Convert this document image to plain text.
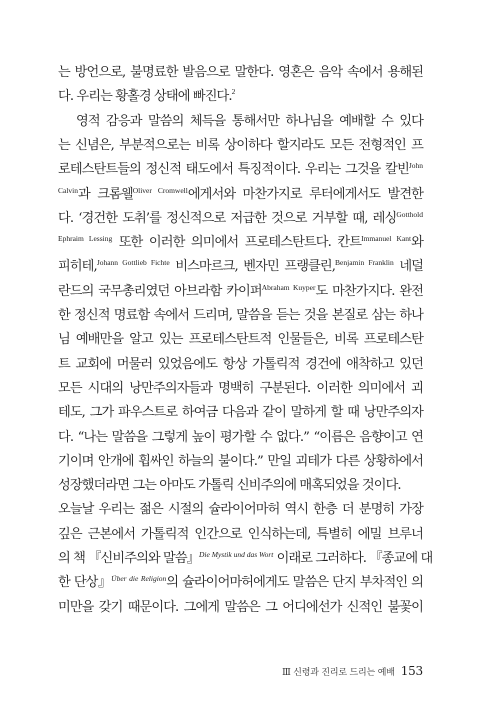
는 방언으로, 불명료한 발음으로 말한다. 영혼은 음악 속에서 용해된
다. 우리는 황홀경 상태에 빠진다.$^2$
영적 감응과 말씀의 체득을 통해서만 하나님을 예배할 수 있다
는 신념은, 부분적으로는 비록 상이하다 할지라도 모든 전형적인 프
로테스탄트들의 정신적 태도에서 특징적이다. 우리는 그것을 칼빈$^{John}$
$^{Calvin}$과 크롬웰$^{Oliver Cromwell}$에게서와 마찬가지로 루터에게서도 발견한
다. ‘경건한 도취’를 정신적으로 저급한 것으로 거부할 때, 레싱$^{Gotthold}$
$^{Ephraim Lessing}$ 또한 이러한 의미에서 프로테스탄트다. 칸트$^{Immanuel Kant}$와
피히테,$^{Johann Gottlieb Fichte}$ 비스마르크, 벤자민 프랭클린,$^{Benjamin Franklin}$ 네덜
란드의 국무총리였던 아브라함 카이퍼$^{Abraham Kuyper}$도 마찬가지다. 완전
한 정신적 명료함 속에서 드리며, 말씀을 듣는 것을 본질로 삼는 하나
님 예배만을 알고 있는 프로테스탄트적 인물들은, 비록 프로테스탄
트 교회에 머물러 있었음에도 항상 가톨릭적 경건에 애착하고 있던
모든 시대의 낭만주의자들과 명백히 구분된다. 이러한 의미에서 괴
테도, 그가 파우스트로 하여금 다음과 같이 말하게 할 때 낭만주의자
다. “나는 말씀을 그렇게 높이 평가할 수 없다.” “이름은 음향이고 연
기이며 안개에 휩싸인 하늘의 불이다.” 만일 괴테가 다른 상황하에서
성장했더라면 그는 아마도 가톨릭 신비주의에 매혹되었을 것이다.
오늘날 우리는 젊은 시절의 슐라이어마허 역시 한층 더 분명히 가장
깊은 근본에서 가톨릭적 인간으로 인식하는데, 특별히 에밀 브루너
의 책 『신비주의와 말씀』$^{Die Mystik und das Wort}$ 이래로 그러하다. 『종교에 대
한 단상』$^{Über die Religion}$의 슐라이어마허에게도 말씀은 단지 부차적인 의
미만을 갖기 때문이다. 그에게 말씀은 그 어디에선가 신적인 불꽃이
Ⅲ 신령과 진리로 드리는 예배 153
